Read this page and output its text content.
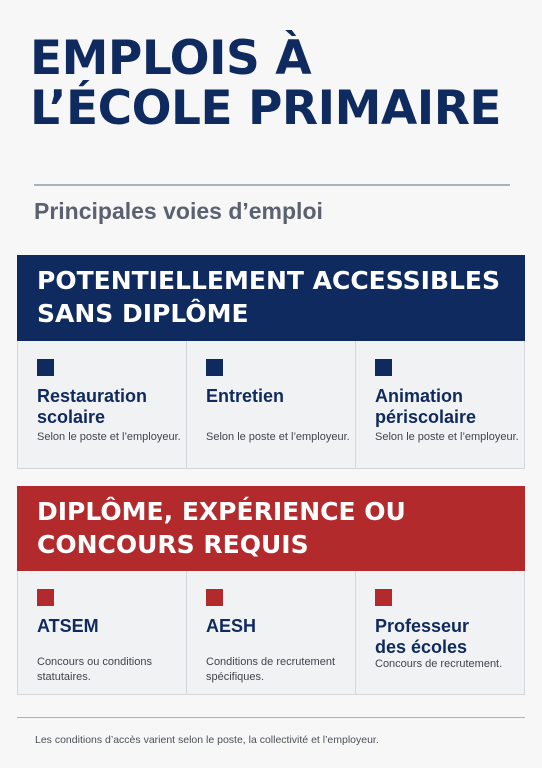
EMPLOIS À
L’ÉCOLE PRIMAIRE
Principales voies d’emploi
POTENTIELLEMENT ACCESSIBLES
SANS DIPLÔME
Restauration
scolaire
Selon le poste et l’employeur.
Entretien
Selon le poste et l’employeur.
Animation
périscolaire
Selon le poste et l’employeur.
DIPLÔME, EXPÉRIENCE OU
CONCOURS REQUIS
ATSEM
Concours ou conditions
statutaires.
AESH
Conditions de recrutement
spécifiques.
Professeur
des écoles
Concours de recrutement.
Les conditions d’accès varient selon le poste, la collectivité et l’employeur.
